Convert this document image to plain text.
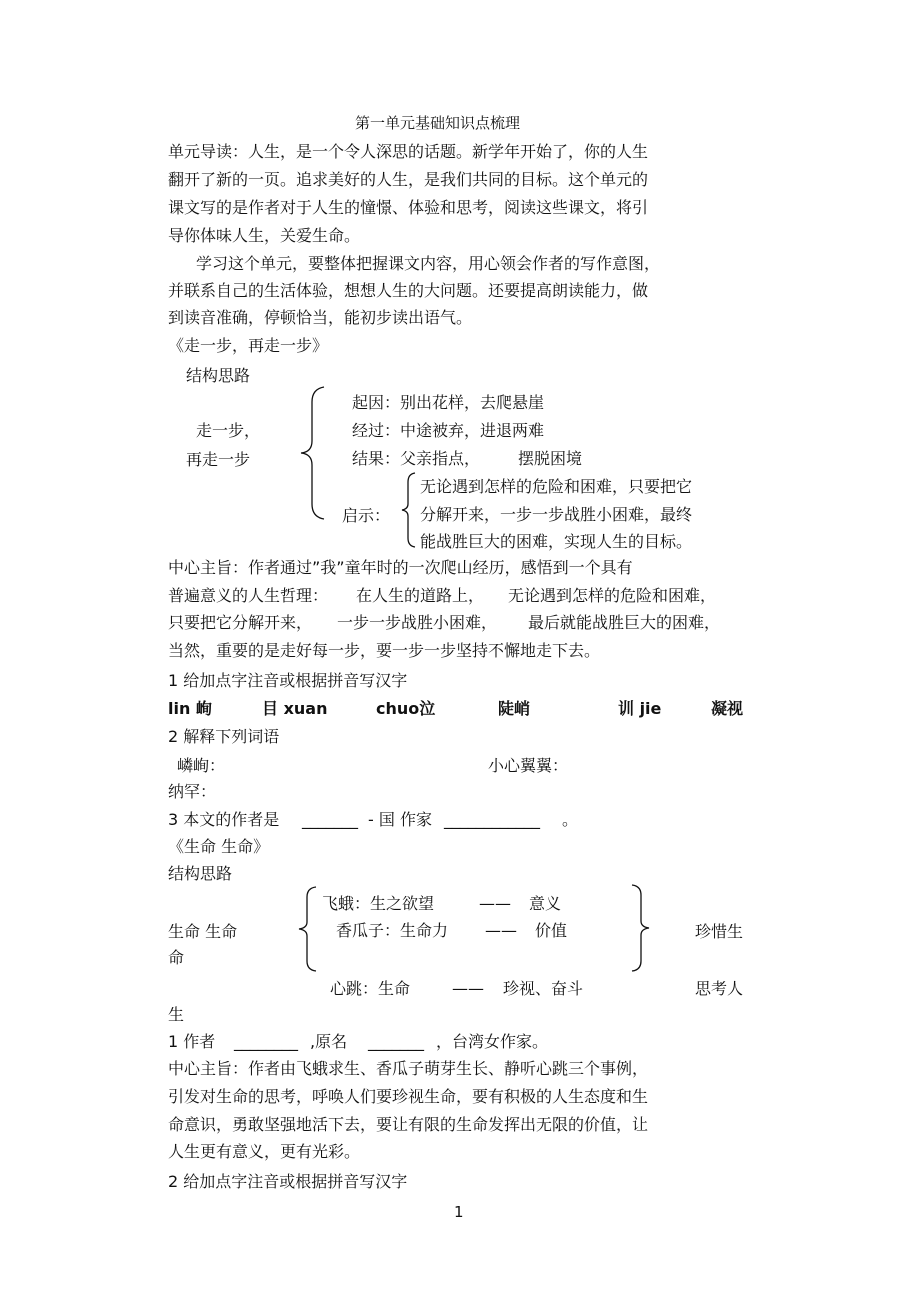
第一单元基础知识点梳理
单元导读：人生，是一个令人深思的话题。新学年开始了，你的人生
翻开了新的一页。追求美好的人生，是我们共同的目标。这个单元的
课文写的是作者对于人生的憧憬、体验和思考，阅读这些课文，将引
导你体味人生，关爱生命。
学习这个单元，要整体把握课文内容，用心领会作者的写作意图，
并联系自己的生活体验，想想人生的大问题。还要提高朗读能力，做
到读音准确，停顿恰当，能初步读出语气。
《走一步，再走一步》
结构思路
走一步，
再走一步
起因：别出花样，去爬悬崖
经过：中途被弃，进退两难
结果：父亲指点， 摆脱困境
启示：
无论遇到怎样的危险和困难，只要把它
分解开来，一步一步战胜小困难，最终
能战胜巨大的困难，实现人生的目标。
中心主旨：作者通过”我”童年时的一次爬山经历，感悟到一个具有
普遍意义的人生哲理： 在人生的道路上， 无论遇到怎样的危险和困难，
只要把它分解开来， 一步一步战胜小困难， 最后就能战胜巨大的困难，
当然，重要的是走好每一步，要一步一步坚持不懈地走下去。
1 给加点字注音或根据拼音写汉字
lin 峋	目 xuan	chuo泣	陡峭	训 jie	凝视
2 解释下列词语
嶙峋：	小心翼翼：
纳罕：
3 本文的作者是 _______ - 国 作家 ____________ 。
《生命 生命》
结构思路
生命 生命
命
飞蛾：生之欲望	—— 意义
香瓜子：生命力 —— 价值
心跳：生命	—— 珍视、奋斗
珍惜生
思考人
生
1 作者 ________ ,原名 _______ ，台湾女作家。
中心主旨：作者由飞蛾求生、香瓜子萌芽生长、静听心跳三个事例，
引发对生命的思考，呼唤人们要珍视生命，要有积极的人生态度和生
命意识，勇敢坚强地活下去，要让有限的生命发挥出无限的价值，让
人生更有意义，更有光彩。
2 给加点字注音或根据拼音写汉字
1
